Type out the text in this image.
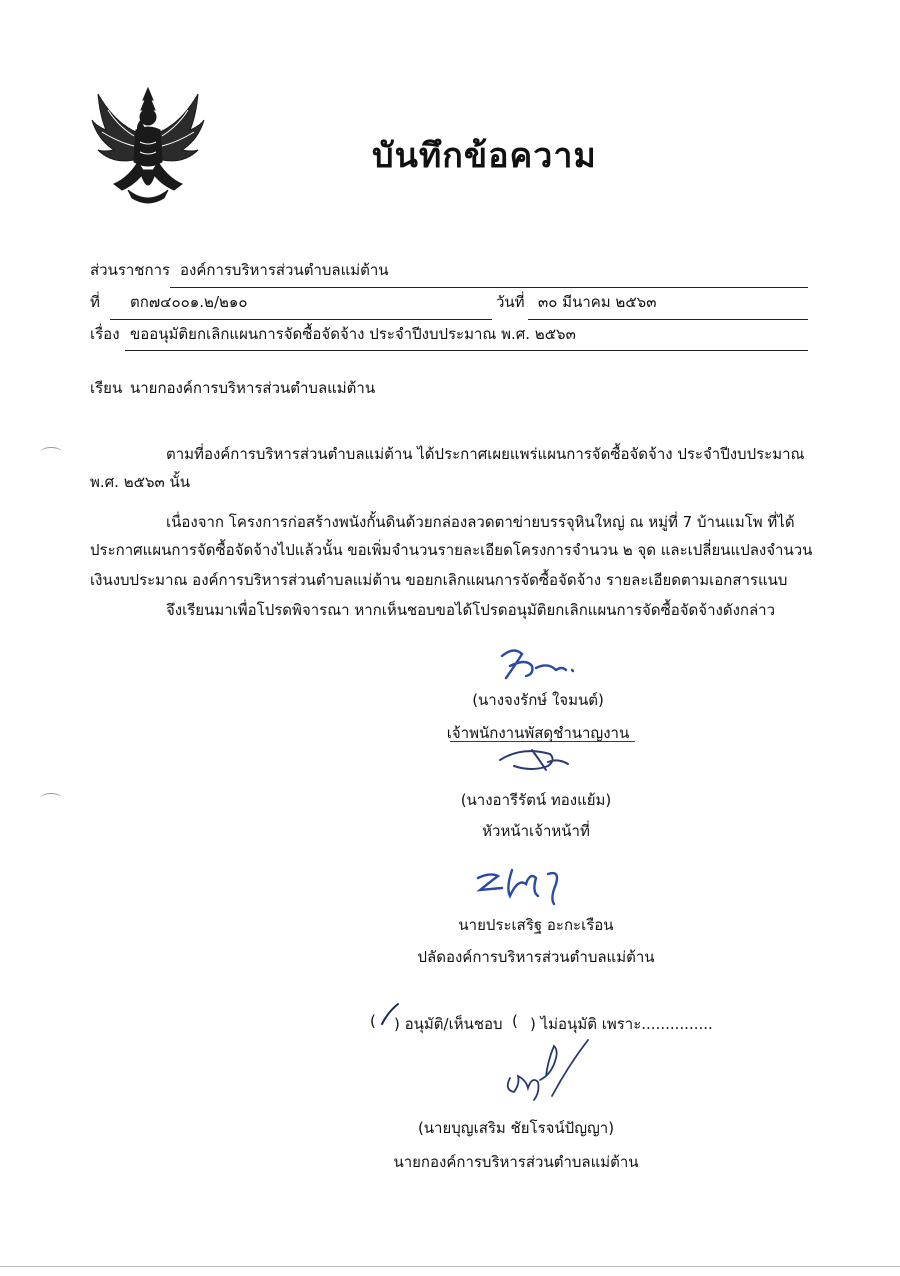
บันทึกข้อความ
ส่วนราชการ องค์การบริหารส่วนตำบลแม่ต้าน
ที่ ตก๗๔๐๐๑.๒/๒๑๐	วันที่ ๓๐ มีนาคม ๒๕๖๓
เรื่อง ขออนุมัติยกเลิกแผนการจัดซื้อจัดจ้าง ประจำปีงบประมาณ พ.ศ. ๒๕๖๓
เรียน นายกองค์การบริหารส่วนตำบลแม่ต้าน
ตามที่องค์การบริหารส่วนตำบลแม่ต้าน ได้ประกาศเผยแพร่แผนการจัดซื้อจัดจ้าง ประจำปีงบประมาณ
พ.ศ. ๒๕๖๓ นั้น
เนื่องจาก โครงการก่อสร้างพนังกั้นดินด้วยกล่องลวดตาข่ายบรรจุหินใหญ่ ณ หมู่ที่ 7 บ้านแมโพ ที่ได้
ประกาศแผนการจัดซื้อจัดจ้างไปแล้วนั้น ขอเพิ่มจำนวนรายละเอียดโครงการจำนวน ๒ จุด และเปลี่ยนแปลงจำนวน
เงินงบประมาณ องค์การบริหารส่วนตำบลแม่ต้าน ขอยกเลิกแผนการจัดซื้อจัดจ้าง รายละเอียดตามเอกสารแนบ
จึงเรียนมาเพื่อโปรดพิจารณา หากเห็นชอบขอได้โปรดอนุมัติยกเลิกแผนการจัดซื้อจัดจ้างดังกล่าว
(นางจงรักษ์ ใจมนต์)
เจ้าพนักงานพัสดุชำนาญงาน
(นางอารีรัตน์ ทองแย้ม)
หัวหน้าเจ้าหน้าที่
นายประเสริฐ อะกะเรือน
ปลัดองค์การบริหารส่วนตำบลแม่ต้าน
( ) อนุมัติ/เห็นชอบ ( ) ไม่อนุมัติ เพราะ...............
(นายบุญเสริม ชัยโรจน์ปัญญา)
นายกองค์การบริหารส่วนตำบลแม่ต้าน
